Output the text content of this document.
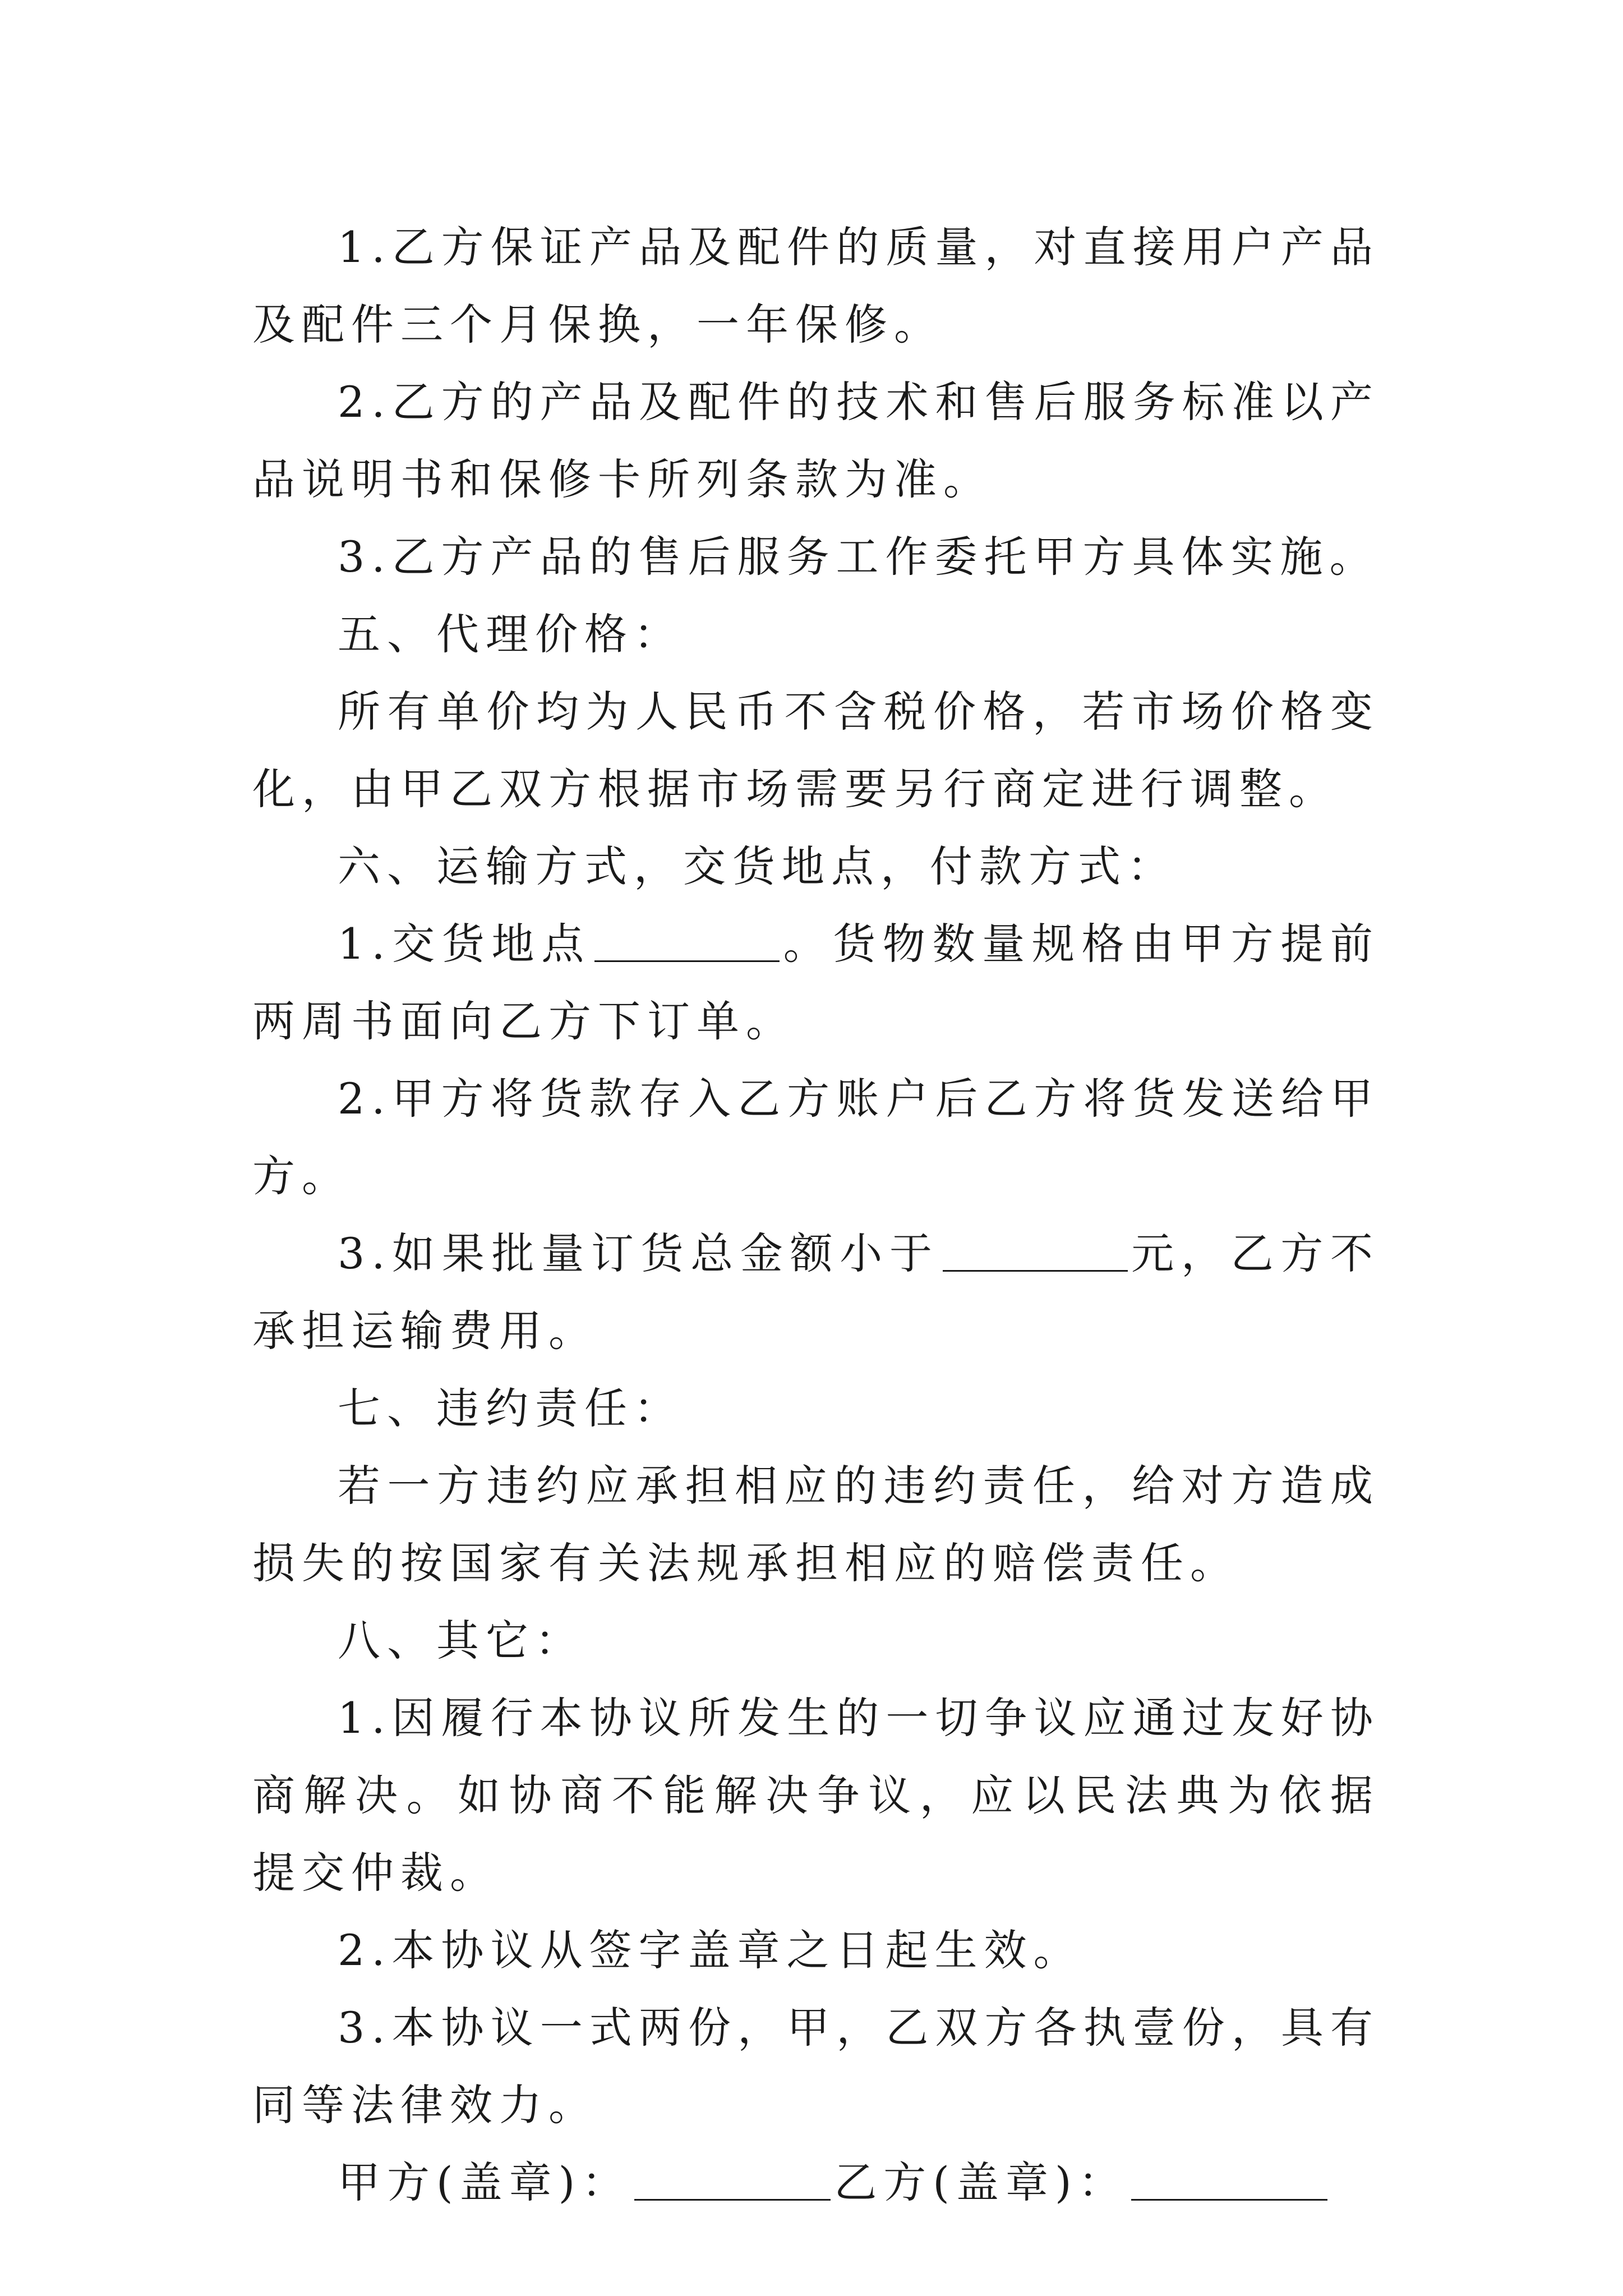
1.乙方保证产品及配件的质量，对直接用户产品及配件三个月保换，一年保修。

2.乙方的产品及配件的技术和售后服务标准以产品说明书和保修卡所列条款为准。

3.乙方产品的售后服务工作委托甲方具体实施。

五、代理价格：

所有单价均为人民币不含税价格，若市场价格变化，由甲乙双方根据市场需要另行商定进行调整。

六、运输方式，交货地点，付款方式：

1.交货地点	。货物数量规格由甲方提前两周书面向乙方下订单。

2.甲方将货款存入乙方账户后乙方将货发送给甲方。

3.如果批量订货总金额小于	元，乙方不承担运输费用。

七、违约责任：

若一方违约应承担相应的违约责任，给对方造成损失的按国家有关法规承担相应的赔偿责任。

八、其它：

1.因履行本协议所发生的一切争议应通过友好协商解决。如协商不能解决争议，应以民法典为依据提交仲裁。

2.本协议从签字盖章之日起生效。

3.本协议一式两份，甲，乙双方各执壹份，具有同等法律效力。

甲方(盖章)：	乙方(盖章)：
